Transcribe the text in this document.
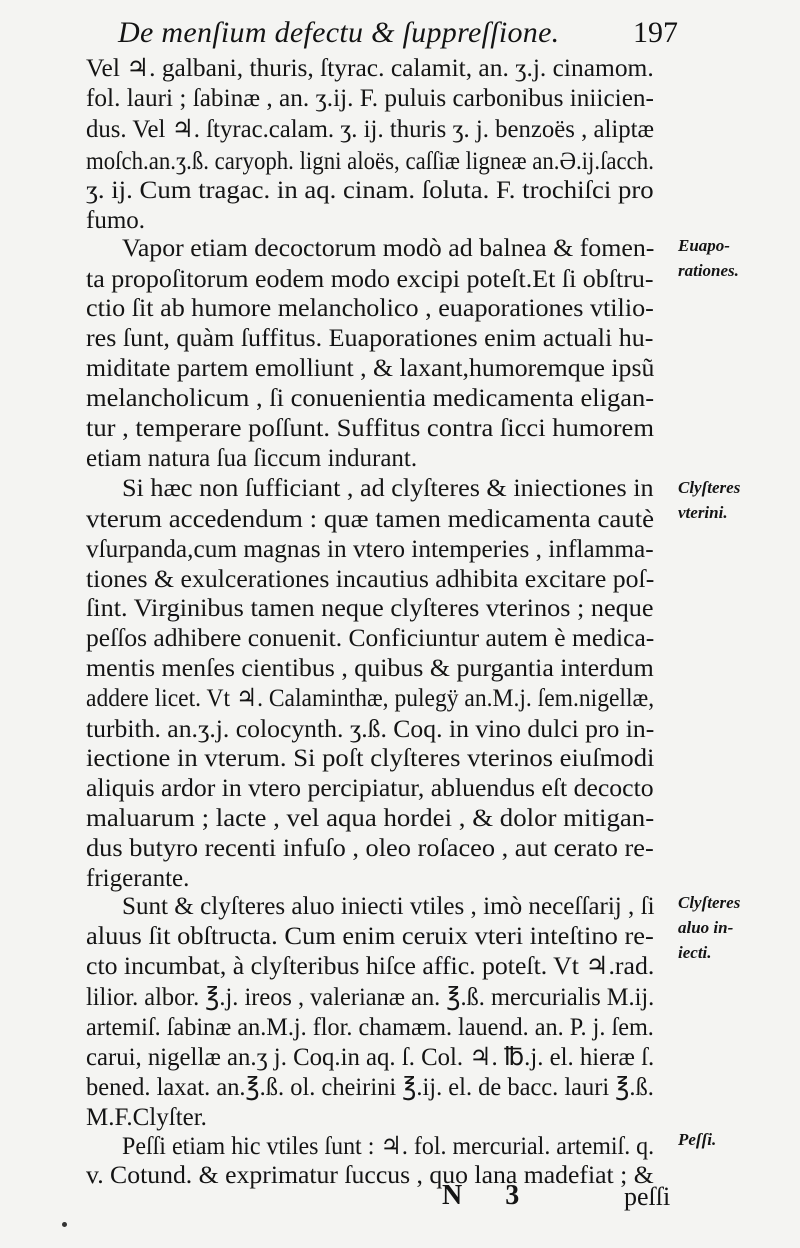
De menſium defectu & ſuppreſſione. 197
Vel ♃. galbani, thuris, ſtyrac. calamit, an. ʒ.j. cinamom.
fol. lauri ; ſabinæ , an. ʒ.ij. F. puluis carbonibus iniicien-
dus. Vel ♃. ſtyrac.calam. ʒ. ij. thuris ʒ. j. benzoës , aliptæ
moſch.an.ʒ.ß. caryoph. ligni aloës, caſſiæ ligneæ an.Ə.ij.ſacch.
ʒ. ij. Cum tragac. in aq. cinam. ſoluta. F. trochiſci pro
fumo.
Vapor etiam decoctorum modò ad balnea & fomen-
ta propoſitorum eodem modo excipi poteſt.Et ſi obſtru-
ctio ſit ab humore melancholico , euaporationes vtilio-
res ſunt, quàm ſuffitus. Euaporationes enim actuali hu-
miditate partem emolliunt , & laxant,humoremque ipsũ
melancholicum , ſi conuenientia medicamenta eligan-
tur , temperare poſſunt. Suffitus contra ſicci humorem
etiam natura ſua ſiccum indurant.
Si hæc non ſufficiant , ad clyſteres & iniectiones in
vterum accedendum : quæ tamen medicamenta cautè
vſurpanda,cum magnas in vtero intemperies , inflamma-
tiones & exulcerationes incautius adhibita excitare poſ-
ſint. Virginibus tamen neque clyſteres vterinos ; neque
peſſos adhibere conuenit. Conficiuntur autem è medica-
mentis menſes cientibus , quibus & purgantia interdum
addere licet. Vt ♃. Calaminthæ, pulegÿ an.M.j. ſem.nigellæ,
turbith. an.ʒ.j. colocynth. ʒ.ß. Coq. in vino dulci pro in-
iectione in vterum. Si poſt clyſteres vterinos eiuſmodi
aliquis ardor in vtero percipiatur, abluendus eſt decocto
maluarum ; lacte , vel aqua hordei , & dolor mitigan-
dus butyro recenti infuſo , oleo roſaceo , aut cerato re-
frigerante.
Sunt & clyſteres aluo iniecti vtiles , imò neceſſarij , ſi
aluus ſit obſtructa. Cum enim ceruix vteri inteſtino re-
cto incumbat, à clyſteribus hiſce affic. poteſt. Vt ♃.rad.
lilior. albor. ℥.j. ireos , valerianæ an. ℥.ß. mercurialis M.ij.
artemiſ. ſabinæ an.M.j. flor. chamæm. lauend. an. P. j. ſem.
carui, nigellæ an.ʒ j. Coq.in aq. ſ. Col. ♃. ℔.j. el. hieræ ſ.
bened. laxat. an.℥.ß. ol. cheirini ℥.ij. el. de bacc. lauri ℥.ß.
M.F.Clyſter.
Peſſi etiam hic vtiles ſunt : ♃. fol. mercurial. artemiſ. q.
v. Cotund. & exprimatur ſuccus , quo lana madefiat ; &
Euapo-
rationes.
Clyſteres
vterini.
Clyſteres
aluo in-
iecti.
Peſſi.
N 3	peſſi
